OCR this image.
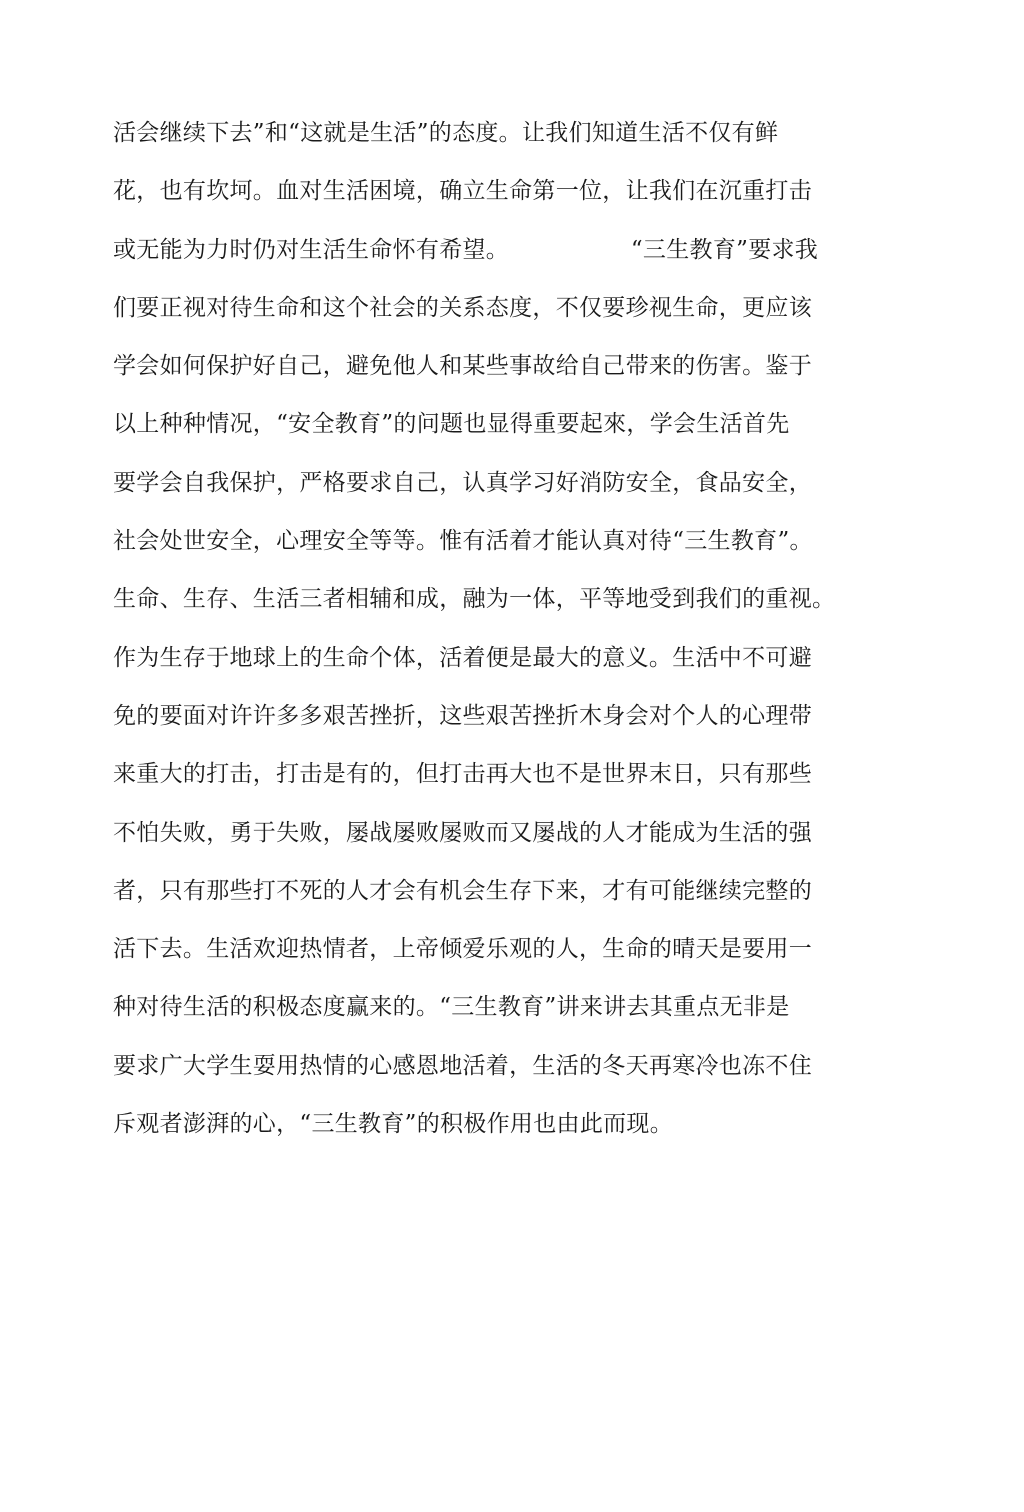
活会继续下去”和“这就是生活”的态度。让我们知道生活不仅有鲜
花，也有坎坷。血对生活困境，确立生命第一位，让我们在沉重打击
或无能为力时仍对生活生命怀有希望。                “三生教育”要求我
们要正视对待生命和这个社会的关系态度，不仅要珍视生命，更应该
学会如何保护好自己，避免他人和某些事故给自己带来的伤害。鉴于
以上种种情况，“安全教育”的问题也显得重要起來，学会生活首先
要学会自我保护，严格要求自己，认真学习好消防安全，食品安全，
社会处世安全，心理安全等等。惟有活着才能认真对待“三生教育”。
生命、生存、生活三者相辅和成，融为一体，平等地受到我们的重视。
作为生存于地球上的生命个体，活着便是最大的意义。生活中不可避
免的要面对许许多多艰苦挫折，这些艰苦挫折木身会对个人的心理带
来重大的打击，打击是有的，但打击再大也不是世界末日，只有那些
不怕失败，勇于失败，屡战屡败屡败而又屡战的人才能成为生活的强
者，只有那些打不死的人才会有机会生存下来，才有可能继续完整的
活下去。生活欢迎热情者，上帝倾爱乐观的人，生命的晴天是要用一
种对待生活的积极态度赢来的。“三生教育”讲来讲去其重点无非是
要求广大学生耍用热情的心感恩地活着，生活的冬天再寒冷也冻不住
斥观者澎湃的心，“三生教育”的积极作用也由此而现。
